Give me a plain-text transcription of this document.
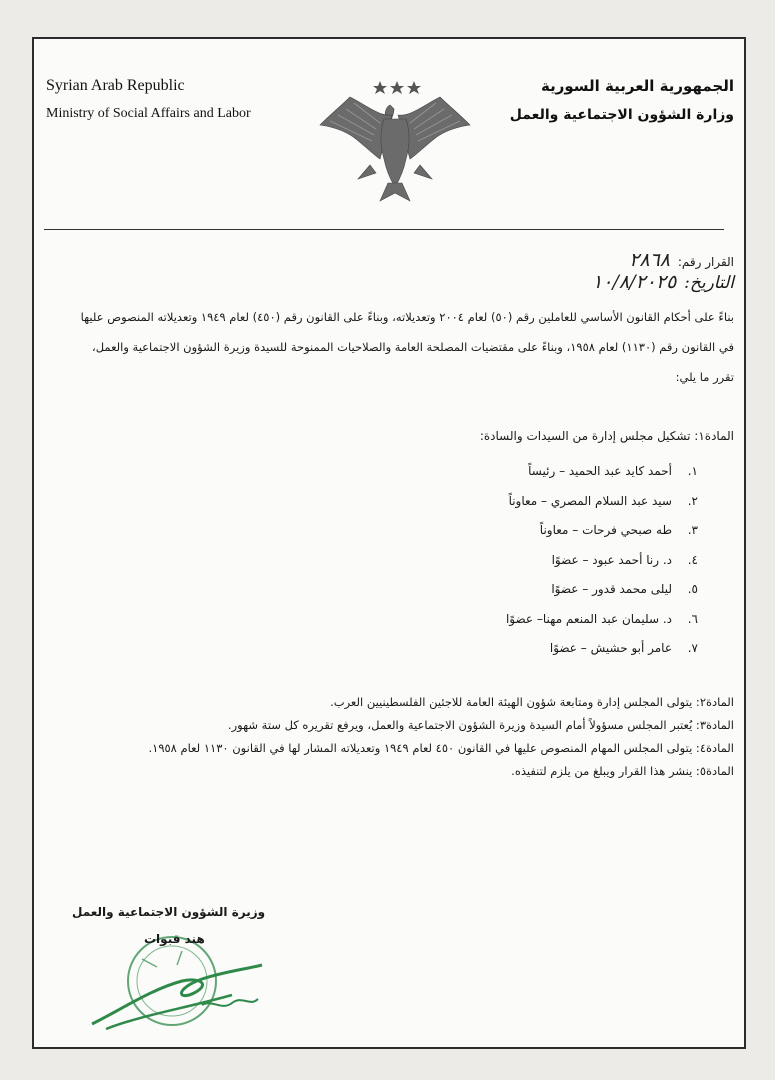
Syrian Arab Republic
Ministry of Social Affairs and Labor
الجمهورية العربية السورية
وزارة الشؤون الاجتماعية والعمل
القرار رقم: ٢٨٦٨
التاريخ: ١٠/٨/٢٠٢٥
بناءً على أحكام القانون الأساسي للعاملين رقم (٥٠) لعام ٢٠٠٤ وتعديلاته، وبناءً على القانون رقم (٤٥٠) لعام ١٩٤٩ وتعديلاته المنصوص عليها في القانون رقم (١١٣٠) لعام ١٩٥٨، وبناءً على مقتضيات المصلحة العامة والصلاحيات الممنوحة للسيدة وزيرة الشؤون الاجتماعية والعمل، تقرر ما يلي:
المادة١: تشكيل مجلس إدارة من السيدات والسادة:
١.أحمد كايد عبد الحميد – رئيساً
٢.سيد عبد السلام المصري – معاوناً
٣.طه صبحي فرحات – معاوناً
٤.د. رنا أحمد عبود – عضوًا
٥.ليلى محمد قدور – عضوًا
٦.د. سليمان عبد المنعم مهنا– عضوًا
٧.عامر أبو حشيش – عضوًا

المادة٢: يتولى المجلس إدارة ومتابعة شؤون الهيئة العامة للاجئين الفلسطينيين العرب.

المادة٣: يُعتبر المجلس مسؤولاً أمام السيدة وزيرة الشؤون الاجتماعية والعمل، ويرفع تقريره كل ستة شهور.

المادة٤: يتولى المجلس المهام المنصوص عليها في القانون ٤٥٠ لعام ١٩٤٩ وتعديلاته المشار لها في القانون ١١٣٠ لعام ١٩٥٨.

المادة٥: ينشر هذا القرار ويبلغ من يلزم لتنفيذه.

وزيرة الشؤون الاجتماعية والعمل
هند قبوات
